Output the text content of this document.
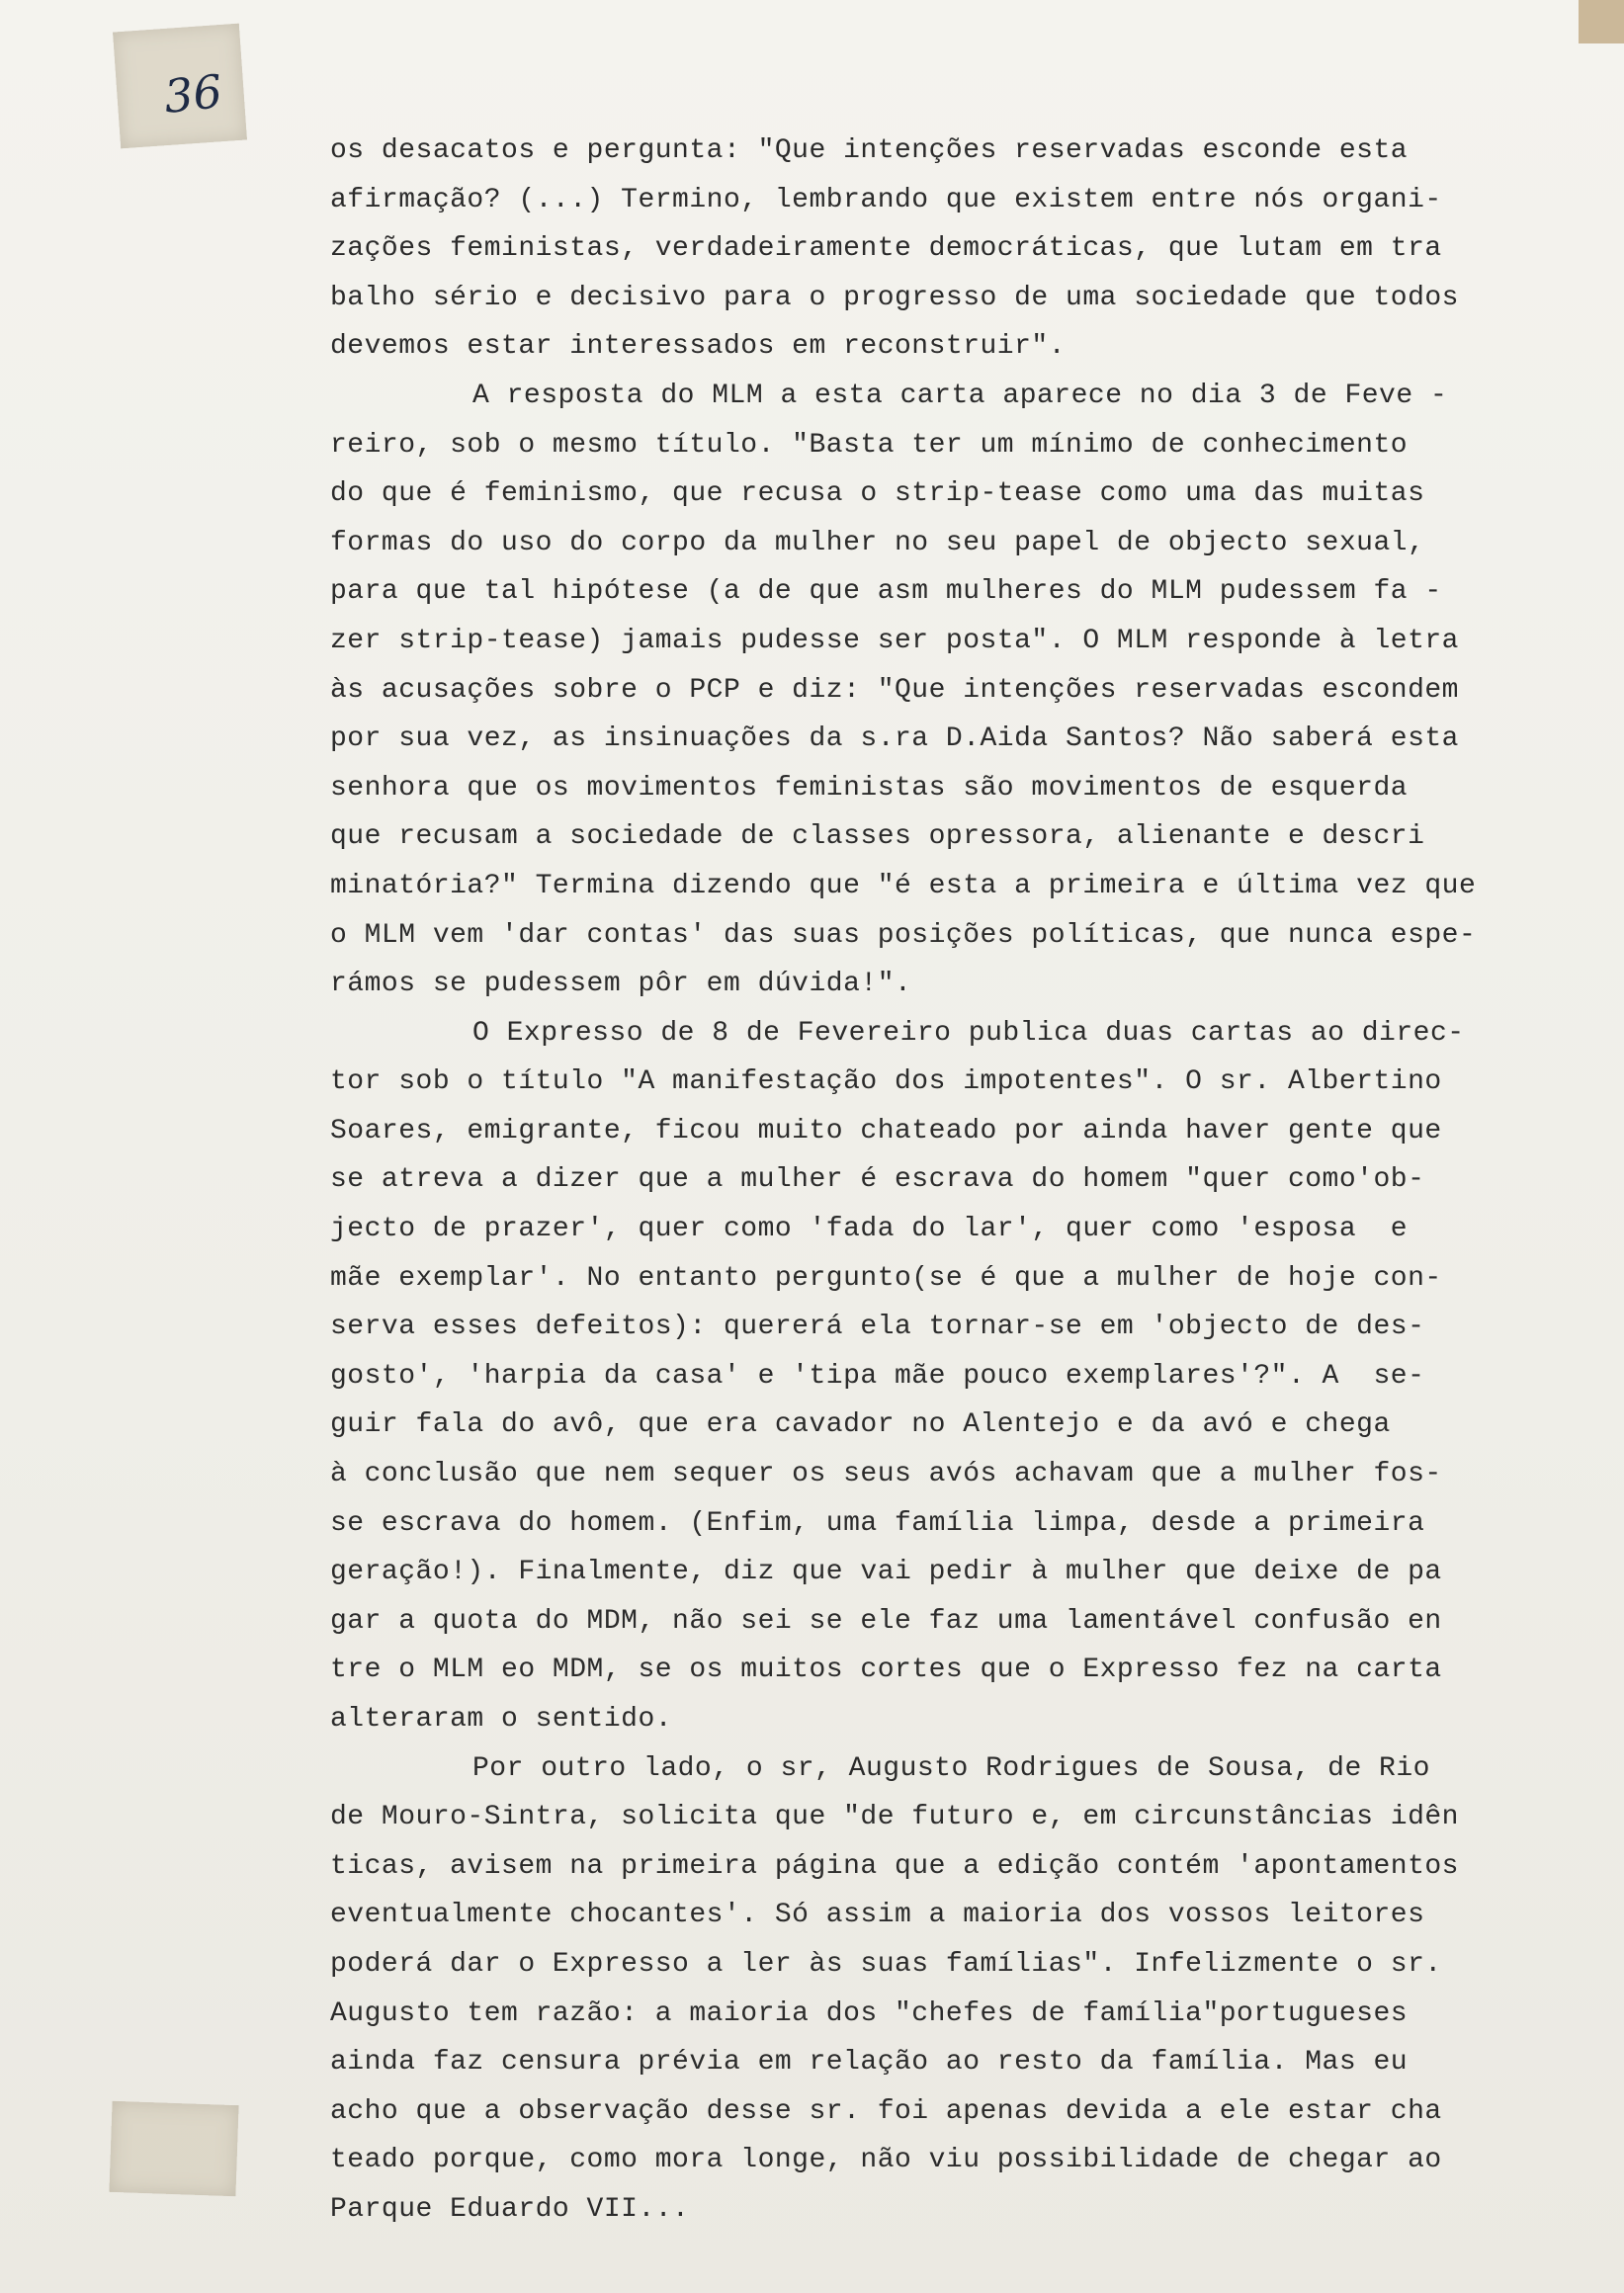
36
os desacatos e pergunta: "Que intenções reservadas esconde esta
afirmação? (...) Termino, lembrando que existem entre nós organi-
zações feministas, verdadeiramente democráticas, que lutam em tra
balho sério e decisivo para o progresso de uma sociedade que todos
devemos estar interessados em reconstruir".
A resposta do MLM a esta carta aparece no dia 3 de Feve -
reiro, sob o mesmo título. "Basta ter um mínimo de conhecimento
do que é feminismo, que recusa o strip-tease como uma das muitas
formas do uso do corpo da mulher no seu papel de objecto sexual,
para que tal hipótese (a de que asm mulheres do MLM pudessem fa -
zer strip-tease) jamais pudesse ser posta". O MLM responde à letra
às acusações sobre o PCP e diz: "Que intenções reservadas escondem
por sua vez, as insinuações da s.ra D.Aida Santos? Não saberá esta
senhora que os movimentos feministas são movimentos de esquerda
que recusam a sociedade de classes opressora, alienante e descri
minatória?" Termina dizendo que "é esta a primeira e última vez que
o MLM vem 'dar contas' das suas posições políticas, que nunca espe-
rámos se pudessem pôr em dúvida!".
O Expresso de 8 de Fevereiro publica duas cartas ao direc-
tor sob o título "A manifestação dos impotentes". O sr. Albertino
Soares, emigrante, ficou muito chateado por ainda haver gente que
se atreva a dizer que a mulher é escrava do homem "quer como'ob-
jecto de prazer', quer como 'fada do lar', quer como 'esposa  e
mãe exemplar'. No entanto pergunto(se é que a mulher de hoje con-
serva esses defeitos): quererá ela tornar-se em 'objecto de des-
gosto', 'harpia da casa' e 'tipa mãe pouco exemplares'?". A  se-
guir fala do avô, que era cavador no Alentejo e da avó e chega
à conclusão que nem sequer os seus avós achavam que a mulher fos-
se escrava do homem. (Enfim, uma família limpa, desde a primeira
geração!). Finalmente, diz que vai pedir à mulher que deixe de pa
gar a quota do MDM, não sei se ele faz uma lamentável confusão en
tre o MLM eo MDM, se os muitos cortes que o Expresso fez na carta
alteraram o sentido.
Por outro lado, o sr, Augusto Rodrigues de Sousa, de Rio
de Mouro-Sintra, solicita que "de futuro e, em circunstâncias idên
ticas, avisem na primeira página que a edição contém 'apontamentos
eventualmente chocantes'. Só assim a maioria dos vossos leitores
poderá dar o Expresso a ler às suas famílias". Infelizmente o sr.
Augusto tem razão: a maioria dos "chefes de família"portugueses
ainda faz censura prévia em relação ao resto da família. Mas eu
acho que a observação desse sr. foi apenas devida a ele estar cha
teado porque, como mora longe, não viu possibilidade de chegar ao
Parque Eduardo VII...
